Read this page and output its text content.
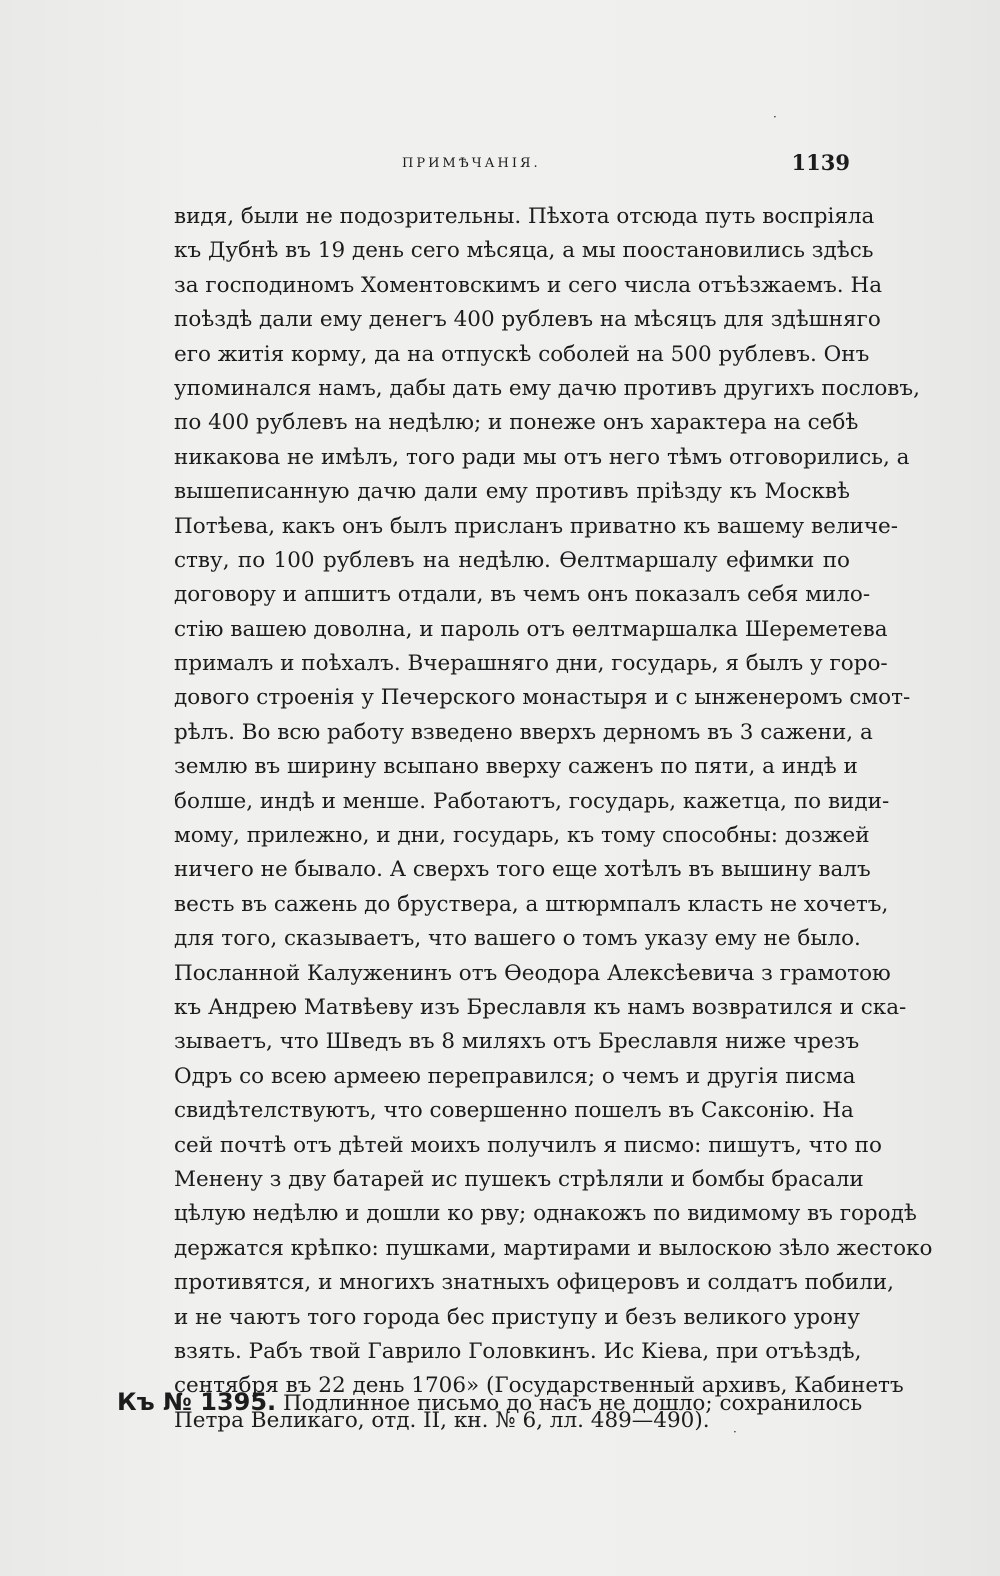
ПРИМѢЧАНІЯ.	1139
видя, были не подозрительны. Пѣхота отсюда путь воспріяла
къ Дубнѣ въ 19 день сего мѣсяца, а мы поостановились здѣсь
за господиномъ Хоментовскимъ и сего числа отъѣзжаемъ. На
поѣздѣ дали ему денегъ 400 рублевъ на мѣсяцъ для здѣшняго
его житія корму, да на отпускѣ соболей на 500 рублевъ. Онъ
упоминался намъ, дабы дать ему дачю противъ другихъ пословъ,
по 400 рублевъ на недѣлю; и понеже онъ характера на себѣ
никакова не имѣлъ, того ради мы отъ него тѣмъ отговорились, а
вышеписанную дачю дали ему противъ пріѣзду къ Москвѣ
Потѣева, какъ онъ былъ присланъ приватно къ вашему величе-
ству, по 100 рублевъ на недѣлю. Ѳелтмаршалу ефимки по
договору и апшитъ отдали, въ чемъ онъ показалъ себя мило-
стію вашею доволна, и пароль отъ ѳелтмаршалка Шереметева
прималъ и поѣхалъ. Вчерашняго дни, государь, я былъ у горо-
дового строенія у Печерского монастыря и с ынженеромъ смот-
рѣлъ. Во всю работу взведено вверхъ дерномъ въ 3 сажени, а
землю въ ширину всыпано вверху саженъ по пяти, а индѣ и
болше, индѣ и менше. Работаютъ, государь, кажетца, по види-
мому, прилежно, и дни, государь, къ тому способны: дозжей
ничего не бывало. А сверхъ того еще хотѣлъ въ вышину валъ
весть въ сажень до бруствера, а штюрмпалъ класть не хочетъ,
для того, сказываетъ, что вашего о томъ указу ему не было.
Посланной Калуженинъ отъ Ѳеодора Алексѣевича з грамотою
къ Андрею Матвѣеву изъ Бреславля къ намъ возвратился и ска-
зываетъ, что Шведъ въ 8 миляхъ отъ Бреславля ниже чрезъ
Одръ со всею армеею переправился; о чемъ и другія писма
свидѣтелствуютъ, что совершенно пошелъ въ Саксонію. На
сей почтѣ отъ дѣтей моихъ получилъ я писмо: пишутъ, что по
Менену з дву батарей ис пушекъ стрѣляли и бомбы брасали
цѣлую недѣлю и дошли ко рву; однакожъ по видимому въ городѣ
держатся крѣпко: пушками, мартирами и вылоскою зѣло жестоко
противятся, и многихъ знатныхъ офицеровъ и солдатъ побили,
и не чаютъ того города бес приступу и безъ великого урону
взять. Рабъ твой Гаврило Головкинъ. Ис Кіева, при отъѣздѣ,
сентября въ 22 день 1706» (Государственный архивъ, Кабинетъ
Петра Великаго, отд. II, кн. № 6, лл. 489—490).
Къ № 1395. Подлинное письмо до насъ не дошло; сохранилось
·
·
